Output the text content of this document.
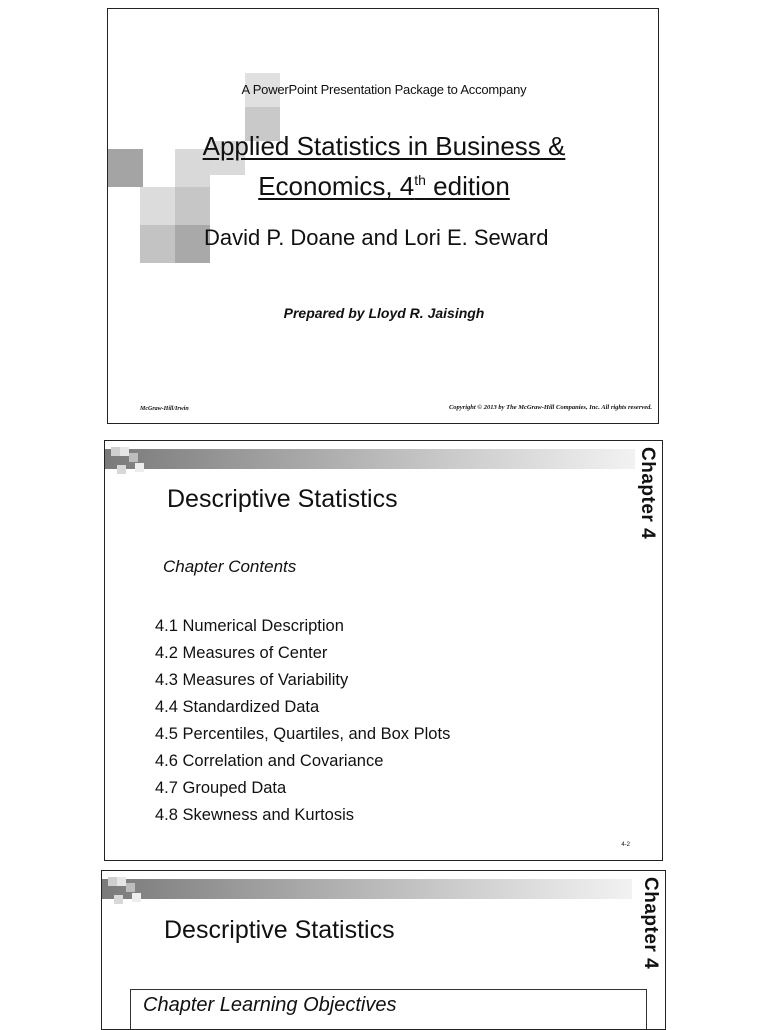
A PowerPoint Presentation Package to Accompany
Applied Statistics in Business &
Economics, 4th edition
David P. Doane and Lori E. Seward
Prepared by Lloyd R. Jaisingh
McGraw-Hill/Irwin	Copyright © 2013 by The McGraw-Hill Companies, Inc. All rights reserved.
Chapter 4
Descriptive Statistics
Chapter Contents
4.1 Numerical Description
4.2 Measures of Center
4.3 Measures of Variability
4.4 Standardized Data
4.5 Percentiles, Quartiles, and Box Plots
4.6 Correlation and Covariance
4.7 Grouped Data
4.8 Skewness and Kurtosis
4-2
Chapter 4
Descriptive Statistics
Chapter Learning Objectives
